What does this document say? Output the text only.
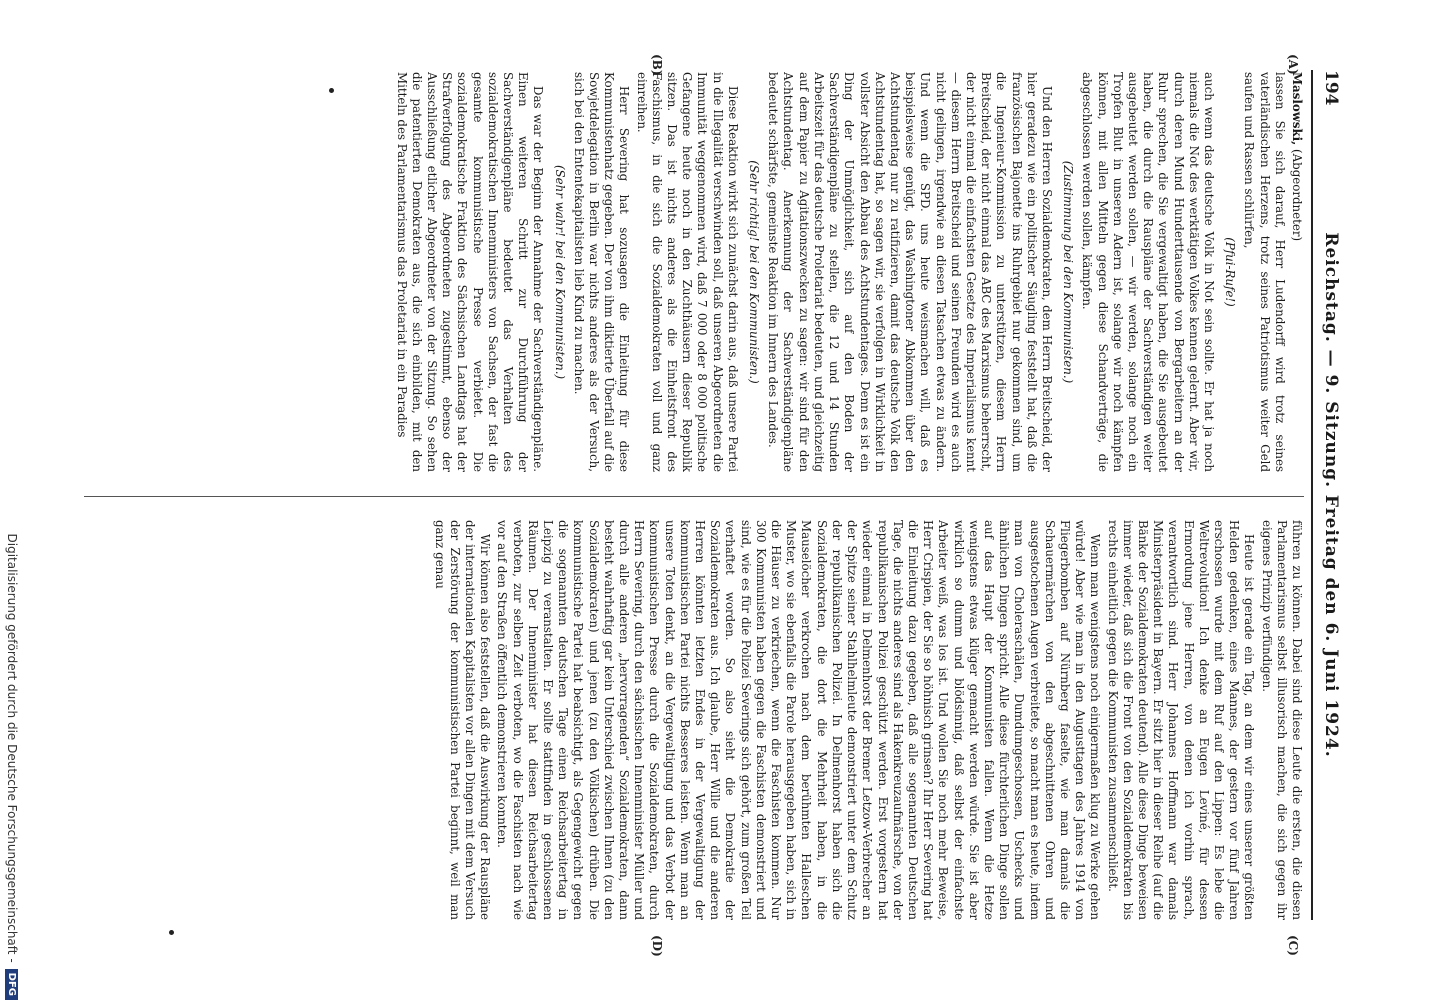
194
Reichstag. — 9. Sitzung. Freitag den 6. Juni 1924.
(A)
(B)
(C)
(D)

Maslowski, (Abgeordneter)

lassen Sie sich darauf, Herr Ludendorff wird trotz seines vaterländischen Herzens, trotz seines Patriotismus weiter Geld saufen und Rassen schlürfen,

(Pfui-Rufe!)

auch wenn das deutsche Volk in Not sein sollte. Er hat ja noch niemals die Not des werktätigen Volkes kennen gelernt. Aber wir, durch deren Mund Hunderttausende von Bergarbeitern an der Ruhr sprechen, die Sie vergewaltigt haben, die Sie ausgebeutet haben, die durch die Rauspläne der Sachverständigen weiter ausgebeutet werden sollen, — wir werden, solange noch ein Tropfen Blut in unseren Adern ist, solange wir noch kämpfen können, mit allen Mitteln gegen diese Schandverträge, die abgeschlossen werden sollen, kämpfen.

(Zustimmung bei den Kommunisten.)

Und den Herren Sozialdemokraten, dem Herrn Breitscheid, der hier geradezu wie ein politischer Säugling feststellt hat, daß die französischen Bajonette ins Ruhrgebiet nur gekommen sind, um die Ingenieur-Kommission zu unterstützen, diesem Herrn Breitscheid, der nicht einmal das ABC des Marxismus beherrscht, der nicht einmal die einfachsten Gesetze des Imperialismus kennt — diesem Herrn Breitscheid und seinen Freunden wird es auch nicht gelingen, irgendwie an diesen Tatsachen etwas zu ändern. Und wenn die SPD. uns heute weismachen will, daß es beispielsweise genügt, das Washingtoner Abkommen über den Achtstundentag nur zu ratifizieren, damit das deutsche Volk den Achtstundentag hat, so sagen wir, sie verfolgen in Wirklichkeit in vollster Absicht den Abbau des Achtstundentages. Denn es ist ein Ding der Unmöglichkeit, sich auf den Boden der Sachverständigenpläne zu stellen, die 12 und 14 Stunden Arbeitszeit für das deutsche Proletariat bedeuten, und gleichzeitig auf dem Papier zu Agitationszwecken zu sagen: wir sind für den Achtstundentag. Anerkennung der Sachverständigenpläne bedeutet schärfste, gemeinste Reaktion im Innern des Landes.

(Sehr richtig! bei den Kommunisten.)

Diese Reaktion wirkt sich zunächst darin aus, daß unsere Partei in die Illegalität verschwinden soll, daß unseren Abgeordneten die Immunität weggenommen wird, daß 7 000 oder 8 000 politische Gefangene heute noch in den Zuchthäusern dieser Republik sitzen. Das ist nichts anderes als die Einheitsfront des Faschismus, in die sich die Sozialdemokraten voll und ganz einreihen.

Herr Severing hat sozusagen die Einleitung für diese Kommunistenhatz gegeben. Der von ihm diktierte Überfall auf die Sowjetdelegation in Berlin war nichts anderes als der Versuch, sich bei den Ententekapitalisten lieb Kind zu machen.

(Sehr wahr! bei den Kommunisten.)

Das war der Beginn der Annahme der Sachverständigenpläne. Einen weiteren Schritt zur Durchführung der Sachverständigenpläne bedeutet das Verhalten des sozialdemokratischen Innenministers von Sachsen, der fast die gesamte kommunistische Presse verbietet. Die sozialdemokratische Fraktion des Sächsischen Landtags hat der Strafverfolgung des Abgeordneten zugestimmt, ebenso der Ausschließung etlicher Abgeordneter von der Sitzung. So sehen die patentierten Demokraten aus, die sich einbilden, mit den Mitteln des Parlamentarismus das Proletariat in ein Paradies

führen zu können. Dabei sind diese Leute die ersten, die diesen Parlamentarismus selbst illusorisch machen, die sich gegen ihr eigenes Prinzip verfündigen.

Heute ist gerade ein Tag, an dem wir eines unserer größten Helden gedenken, eines Mannes, der gestern vor fünf Jahren erschossen wurde mit dem Ruf auf den Lippen: Es lebe die Weltrevolution! Ich denke an Eugen Leviné, für dessen Ermordung jene Herren, von denen ich vorhin sprach, verantwortlich sind. Herr Johannes Hoffmann war damals Ministerpräsident in Bayern. Er sitzt hier in dieser Reihe (auf die Bänke der Sozialdemokraten deutend). Alle diese Dinge beweisen immer wieder, daß sich die Front von den Sozialdemokraten bis rechts einheitlich gegen die Kommunisten zusammenschließt.

Wenn man wenigstens noch einigermaßen klug zu Werke gehen würde! Aber wie man in den Augusttagen des Jahres 1914 von Fliegerbomben auf Nürnberg faselte, wie man damals die Schauermärchen von den abgeschnittenen Ohren und ausgestochenen Augen verbreitete, so macht man es heute, indem man von Choleraschälen, Dumdumgeschossen, Uschecks und ähnlichen Dingen spricht. Alle diese fürchterlichen Dinge sollen auf das Haupt der Kommunisten fallen. Wenn die Hetze wenigstens etwas klüger gemacht werden würde. Sie ist aber wirklich so dumm und blödsinnig, daß selbst der einfachste Arbeiter weiß, was los ist. Und wollen Sie noch mehr Beweise, Herr Crispien, der Sie so höhnisch grinsen? Ihr Herr Severing hat die Einleitung dazu gegeben, daß alle sogenannten Deutschen Tage, die nichts anderes sind als Hakenkreuzaufmärsche, von der republikanischen Polizei geschützt werden. Erst vorgestern hat wieder einmal in Delmenhorst der Bremer Letzow-Verbrecher an der Spitze seiner Stahlhelmleute demonstriert unter dem Schutz der republikanischen Polizei. In Delmenhorst haben sich die Sozialdemokraten, die dort die Mehrheit haben, in die Mauselöcher verkrochen nach dem berühmten Halleschen Muster, wo sie ebenfalls die Parole herausgegeben haben, sich in die Häuser zu verkriechen, wenn die Faschisten kommen. Nur 300 Kommunisten haben gegen die Faschisten demonstriert und sind, wie es für die Polizei Severings sich gehört, zum großen Teil verhaftet worden. So also sieht die Demokratie der Sozialdemokraten aus. Ich glaube, Herr Wille und die anderen Herren könnten letzten Endes in der Vergewaltigung der kommunistischen Partei nichts Besseres leisten. Wenn man an unsere Toten denkt, an die Vergewaltigung und das Verbot der kommunistischen Presse durch die Sozialdemokraten, durch Herrn Severing, durch den sächsischen Innenminister Müller und durch alle anderen „hervorragenden“ Sozialdemokraten, dann besteht wahrhaftig gar kein Unterschied zwischen Ihnen (zu den Sozialdemokraten) und jenen (zu den Völkischen) drüben. Die kommunistische Partei hat beabsichtigt, als Gegengewicht gegen die sogenannten deutschen Tage einen Reichsarbeitertag in Leipzig zu veranstalten. Er sollte stattfinden in geschlossenen Räumen. Der Innenminister hat diesen Reichsarbeitertag verboten, zur selben Zeit verboten, wo die Faschisten nach wie vor auf den Straßen öffentlich demonstrieren konnten.

Wir können also feststellen, daß die Auswirkung der Rauspläne der internationalen Kapitalisten vor allen Dingen mit dem Versuch der Zerstörung der kommunistischen Partei beginnt, weil man ganz genau

Digitalisierung gefördert durch die Deutsche Forschungsgemeinschaft -
DFG
